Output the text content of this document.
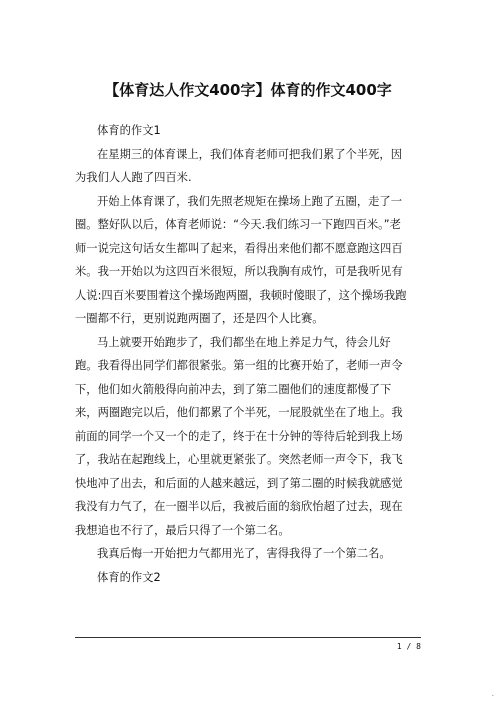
【体育达人作文400字】体育的作文400字
体育的作文1
在星期三的体育课上，我们体育老师可把我们累了个半死，因
为我们人人跑了四百米.
开始上体育课了，我们先照老规矩在操场上跑了五圈，走了一
圈。整好队以后，体育老师说：“今天.我们练习一下跑四百米。”老
师一说完这句话女生都叫了起来，看得出来他们都不愿意跑这四百
米。我一开始以为这四百米很短，所以我胸有成竹，可是我听见有
人说:四百米要围着这个操场跑两圈，我顿时傻眼了，这个操场我跑
一圈都不行，更别说跑两圈了，还是四个人比赛。
马上就要开始跑步了，我们都坐在地上养足力气，待会儿好
跑。我看得出同学们都很紧张。第一组的比赛开始了，老师一声令
下，他们如火箭般得向前冲去，到了第二圈他们的速度都慢了下
来，两圈跑完以后，他们都累了个半死，一屁股就坐在了地上。我
前面的同学一个又一个的走了，终于在十分钟的等待后轮到我上场
了，我站在起跑线上，心里就更紧张了。突然老师一声令下，我飞
快地冲了出去，和后面的人越来越远，到了第二圈的时候我就感觉
我没有力气了，在一圈半以后，我被后面的翁欣怡超了过去，现在
我想追也不行了，最后只得了一个第二名。
我真后悔一开始把力气都用光了，害得我得了一个第二名。
体育的作文2
1 / 8
·
